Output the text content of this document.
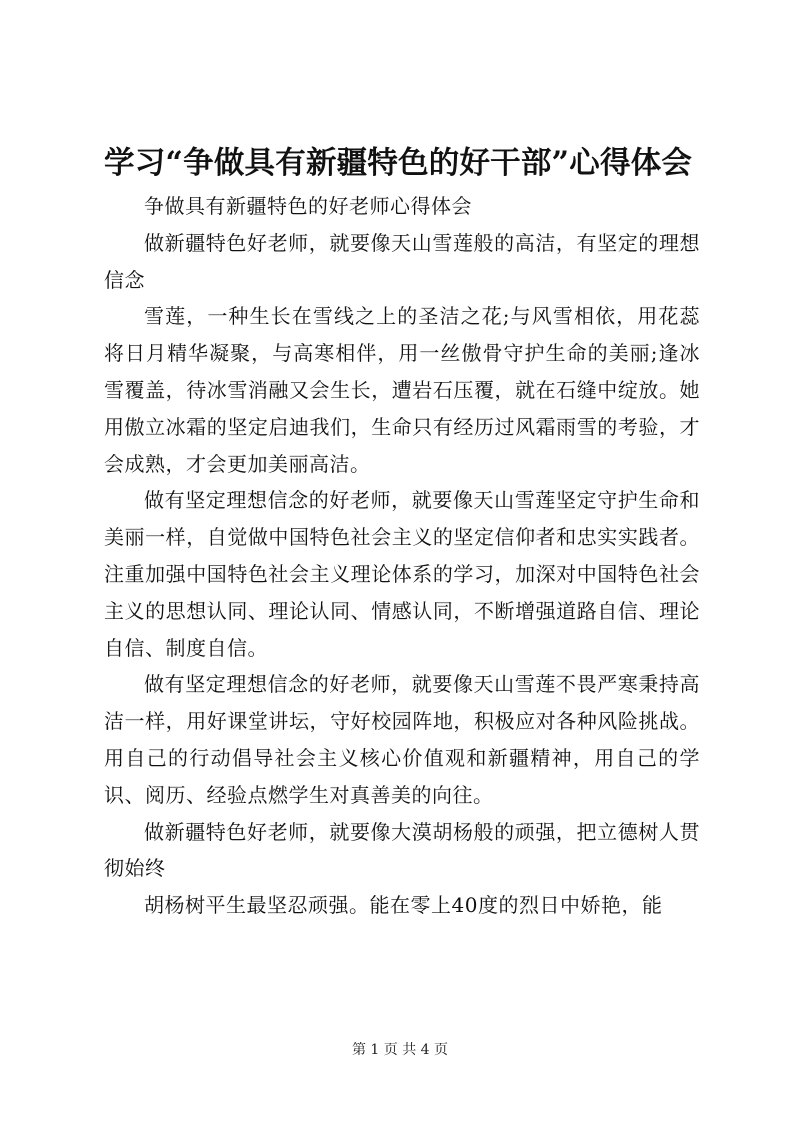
学习“争做具有新疆特色的好干部”心得体会

争做具有新疆特色的好老师心得体会

做新疆特色好老师，就要像天山雪莲般的高洁，有坚定的理想信念

雪莲，一种生长在雪线之上的圣洁之花;与风雪相依，用花蕊将日月精华凝聚，与高寒相伴，用一丝傲骨守护生命的美丽;逢冰雪覆盖，待冰雪消融又会生长，遭岩石压覆，就在石缝中绽放。她用傲立冰霜的坚定启迪我们，生命只有经历过风霜雨雪的考验，才会成熟，才会更加美丽高洁。

做有坚定理想信念的好老师，就要像天山雪莲坚定守护生命和美丽一样，自觉做中国特色社会主义的坚定信仰者和忠实实践者。注重加强中国特色社会主义理论体系的学习，加深对中国特色社会主义的思想认同、理论认同、情感认同，不断增强道路自信、理论自信、制度自信。

做有坚定理想信念的好老师，就要像天山雪莲不畏严寒秉持高洁一样，用好课堂讲坛，守好校园阵地，积极应对各种风险挑战。用自己的行动倡导社会主义核心价值观和新疆精神，用自己的学识、阅历、经验点燃学生对真善美的向往。

做新疆特色好老师，就要像大漠胡杨般的顽强，把立德树人贯彻始终

胡杨树平生最坚忍顽强。能在零上40度的烈日中娇艳，能

第 1 页 共 4 页
